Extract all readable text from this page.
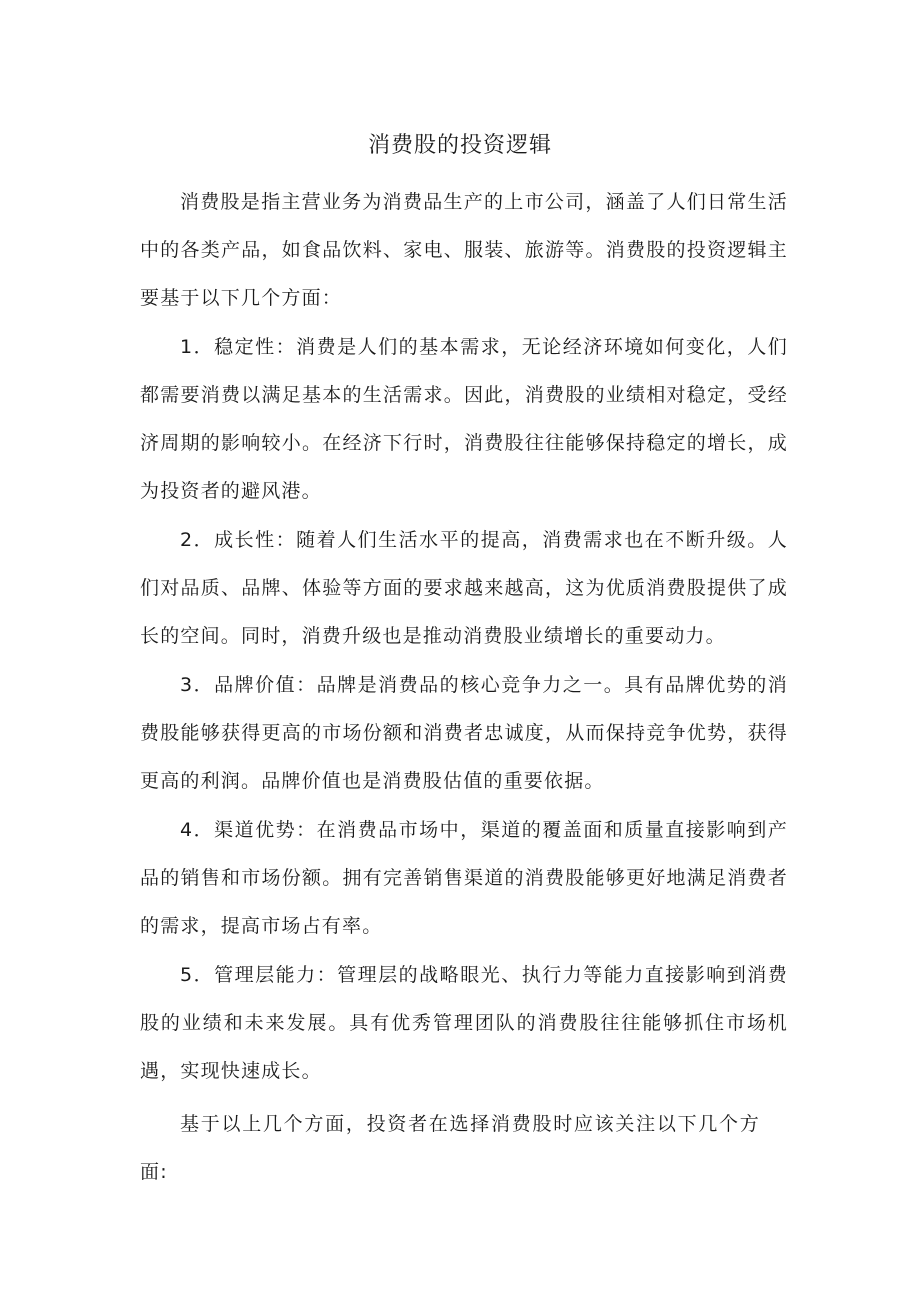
消费股的投资逻辑

消费股是指主营业务为消费品生产的上市公司，涵盖了人们日常生活中的各类产品，如食品饮料、家电、服装、旅游等。消费股的投资逻辑主要基于以下几个方面：

1．稳定性：消费是人们的基本需求，无论经济环境如何变化，人们都需要消费以满足基本的生活需求。因此，消费股的业绩相对稳定，受经济周期的影响较小。在经济下行时，消费股往往能够保持稳定的增长，成为投资者的避风港。

2．成长性：随着人们生活水平的提高，消费需求也在不断升级。人们对品质、品牌、体验等方面的要求越来越高，这为优质消费股提供了成长的空间。同时，消费升级也是推动消费股业绩增长的重要动力。

3．品牌价值：品牌是消费品的核心竞争力之一。具有品牌优势的消费股能够获得更高的市场份额和消费者忠诚度，从而保持竞争优势，获得更高的利润。品牌价值也是消费股估值的重要依据。

4．渠道优势：在消费品市场中，渠道的覆盖面和质量直接影响到产品的销售和市场份额。拥有完善销售渠道的消费股能够更好地满足消费者的需求，提高市场占有率。

5．管理层能力：管理层的战略眼光、执行力等能力直接影响到消费股的业绩和未来发展。具有优秀管理团队的消费股往往能够抓住市场机遇，实现快速成长。

基于以上几个方面，投资者在选择消费股时应该关注以下几个方面:
